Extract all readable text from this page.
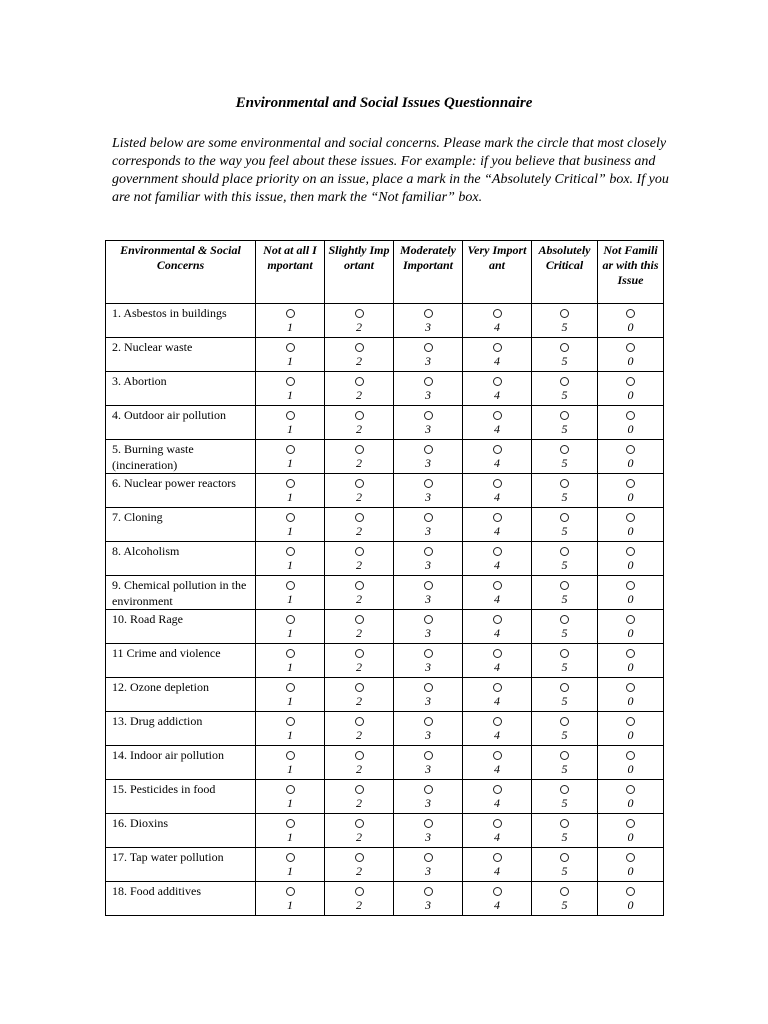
Environmental and Social Issues Questionnaire
Listed below are some environmental and social concerns. Please mark the circle that most closely corresponds to the way you feel about these issues. For example: if you believe that business and government should place priority on an issue, place a mark in the “Absolutely Critical” box. If you are not familiar with this issue, then mark the “Not familiar” box.
Environmental & Social Concerns	Not at all Important	Slightly Important	Moderately Important	Very Important	Absolutely Critical	Not Familiar with this Issue
1. Asbestos in buildings	1	2	3	4	5	0

2. Nuclear waste	1	2	3	4	5	0

3. Abortion	1	2	3	4	5	0

4. Outdoor air pollution	1	2	3	4	5	0

5. Burning waste (incineration)	1	2	3	4	5	0

6. Nuclear power reactors	1	2	3	4	5	0

7. Cloning	1	2	3	4	5	0

8. Alcoholism	1	2	3	4	5	0

9. Chemical pollution in the environment	1	2	3	4	5	0

10. Road Rage	1	2	3	4	5	0

11 Crime and violence	1	2	3	4	5	0

12. Ozone depletion	1	2	3	4	5	0

13. Drug addiction	1	2	3	4	5	0

14. Indoor air pollution	1	2	3	4	5	0

15. Pesticides in food	1	2	3	4	5	0

16. Dioxins	1	2	3	4	5	0

17. Tap water pollution	1	2	3	4	5	0

18. Food additives	1	2	3	4	5	0
